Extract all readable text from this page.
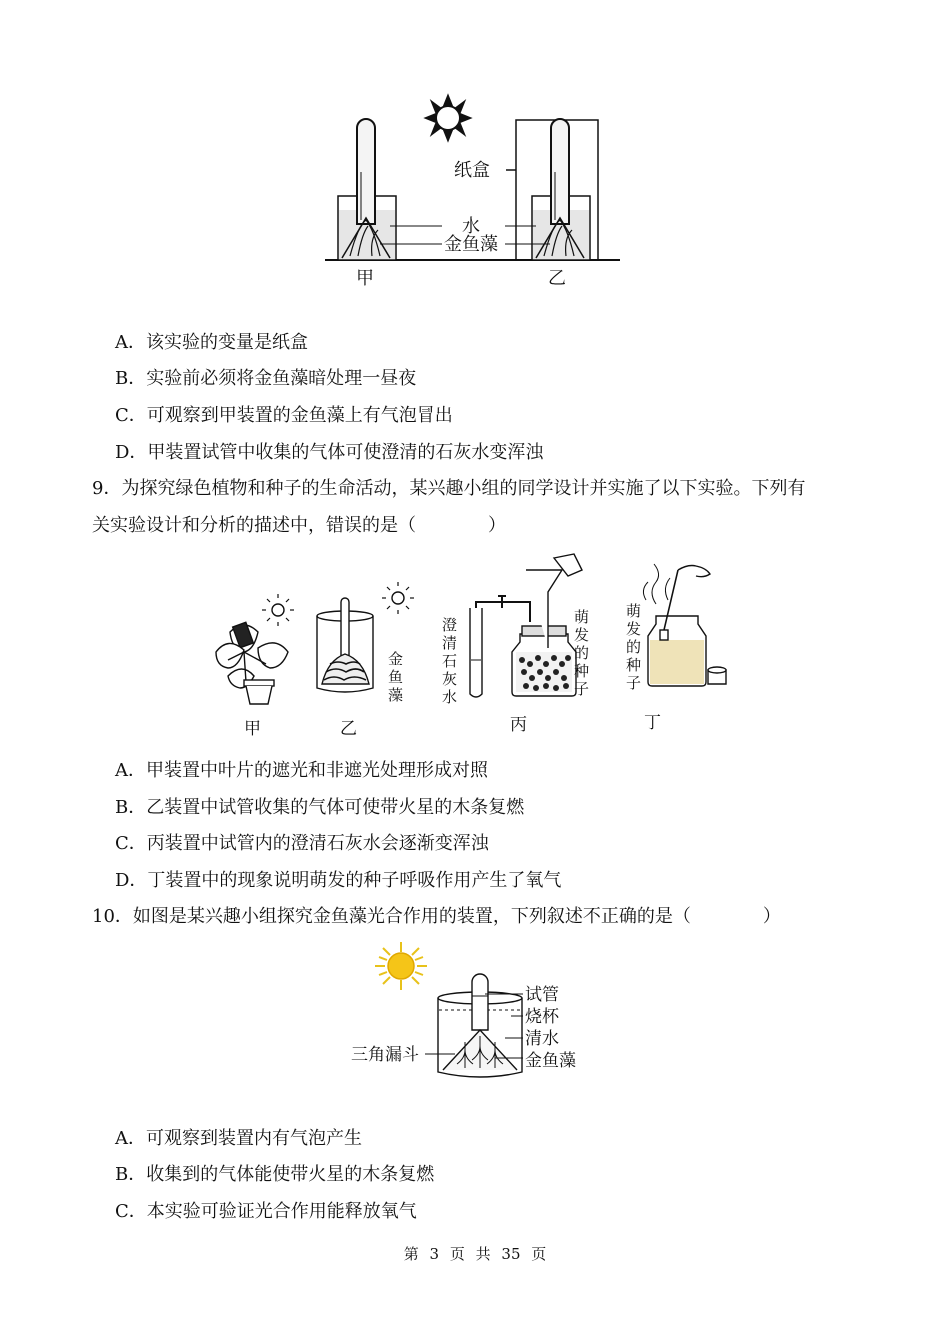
纸盒
水
金鱼藻
甲	乙
A．该实验的变量是纸盒
B．实验前必须将金鱼藻暗处理一昼夜
C．可观察到甲装置的金鱼藻上有气泡冒出
D．甲装置试管中收集的气体可使澄清的石灰水变浑浊
9．为探究绿色植物和种子的生命活动，某兴趣小组的同学设计并实施了以下实验。下列有
关实验设计和分析的描述中，错误的是（　　　　）
金
鱼
藻
澄
清
石
灰
水
萌
发
的
种
子
萌
发
的
种
子
甲	乙	丙	丁
A．甲装置中叶片的遮光和非遮光处理形成对照
B．乙装置中试管收集的气体可使带火星的木条复燃
C．丙装置中试管内的澄清石灰水会逐渐变浑浊
D．丁装置中的现象说明萌发的种子呼吸作用产生了氧气
10．如图是某兴趣小组探究金鱼藻光合作用的装置，下列叙述不正确的是（　　　　）
试管
烧杯
清水
金鱼藻
三角漏斗
A．可观察到装置内有气泡产生
B．收集到的气体能使带火星的木条复燃
C．本实验可验证光合作用能释放氧气
第 3 页 共 35 页
